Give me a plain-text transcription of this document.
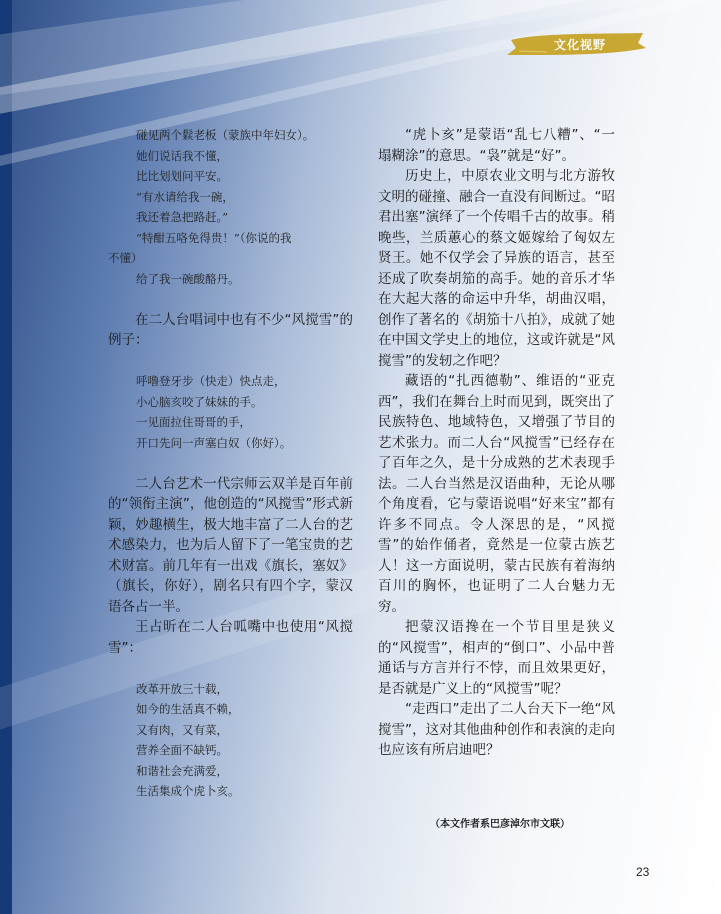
文化视野
碰见两个鬏老板（蒙族中年妇女）。
她们说话我不懂，
比比划划问平安。
“有水请给我一碗，
我还着急把路赶。”
“特酣五咯免得贵！”（你说的我
不懂）
给了我一碗酸酪丹。

在二人台唱词中也有不少“风搅雪”的例子：

呼噜登牙步（快走）快点走，
小心脑亥咬了妹妹的手。
一见面拉住哥哥的手，
开口先问一声塞白奴（你好）。

二人台艺术一代宗师云双羊是百年前的“领衔主演”，他创造的“风搅雪”形式新颖，妙趣横生，极大地丰富了二人台的艺术感染力，也为后人留下了一笔宝贵的艺术财富。前几年有一出戏《旗长，塞奴》（旗长，你好），剧名只有四个字，蒙汉语各占一半。

王占昕在二人台呱嘴中也使用“风搅雪”：

改革开放三十载，
如今的生活真不赖，
又有肉，又有菜，
营养全面不缺钙。
和谐社会充满爱，
生活集成个虎卜亥。

“虎卜亥”是蒙语“乱七八糟”、“一塌糊涂”的意思。“袅”就是“好”。

历史上，中原农业文明与北方游牧文明的碰撞、融合一直没有间断过。“昭君出塞”演绎了一个传唱千古的故事。稍晚些，兰质蕙心的蔡文姬嫁给了匈奴左贤王。她不仅学会了异族的语言，甚至还成了吹奏胡笳的高手。她的音乐才华在大起大落的命运中升华，胡曲汉唱，创作了著名的《胡笳十八拍》，成就了她在中国文学史上的地位，这或许就是“风搅雪”的发轫之作吧？

藏语的“扎西德勒”、维语的“亚克西”，我们在舞台上时而见到，既突出了民族特色、地域特色，又增强了节目的艺术张力。而二人台“风搅雪”已经存在了百年之久，是十分成熟的艺术表现手法。二人台当然是汉语曲种，无论从哪个角度看，它与蒙语说唱“好来宝”都有许多不同点。令人深思的是，“风搅雪”的始作俑者，竟然是一位蒙古族艺人！这一方面说明，蒙古民族有着海纳百川的胸怀，也证明了二人台魅力无穷。

把蒙汉语搀在一个节目里是狭义的“风搅雪”，相声的“倒口”、小品中普通话与方言并行不悖，而且效果更好，是否就是广义上的“风搅雪”呢？

“走西口”走出了二人台天下一绝“风搅雪”，这对其他曲种创作和表演的走向也应该有所启迪吧？

（本文作者系巴彦淖尔市文联）
23
